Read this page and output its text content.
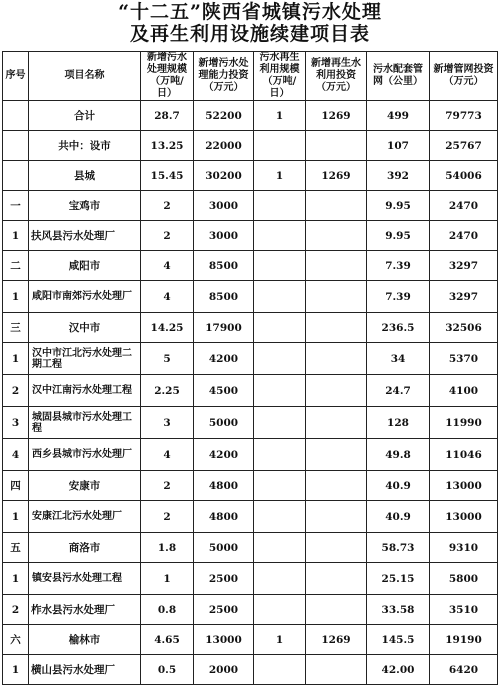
“十二五”陕西省城镇污水处理
及再生利用设施续建项目表
序号	项目名称	新增污水处理规模（万吨/日）	新增污水处理能力投资（万元）	污水再生利用规模（万吨/日）	新增再生水利用投资（万元）	污水配套管网（公里）	新增管网投资（万元）
	合计	28.7	52200	1	1269	499	79773
	共中：设市	13.25	22000			107	25767
	县城	15.45	30200	1	1269	392	54006
一	宝鸡市	2	3000			9.95	2470
1	扶风县污水处理厂	2	3000			9.95	2470
二	咸阳市	4	8500			7.39	3297
1	咸阳市南郊污水处理厂	4	8500			7.39	3297
三	汉中市	14.25	17900			236.5	32506
1	汉中市江北污水处理二期工程	5	4200			34	5370
2	汉中江南污水处理工程	2.25	4500			24.7	4100
3	城固县城市污水处理工程	3	5000			128	11990
4	西乡县城市污水处理厂	4	4200			49.8	11046
四	安康市	2	4800			40.9	13000
1	安康江北污水处理厂	2	4800			40.9	13000
五	商洛市	1.8	5000			58.73	9310
1	镇安县污水处理工程	1	2500			25.15	5800
2	柞水县污水处理厂	0.8	2500			33.58	3510
六	榆林市	4.65	13000	1	1269	145.5	19190
1	横山县污水处理厂	0.5	2000			42.00	6420
